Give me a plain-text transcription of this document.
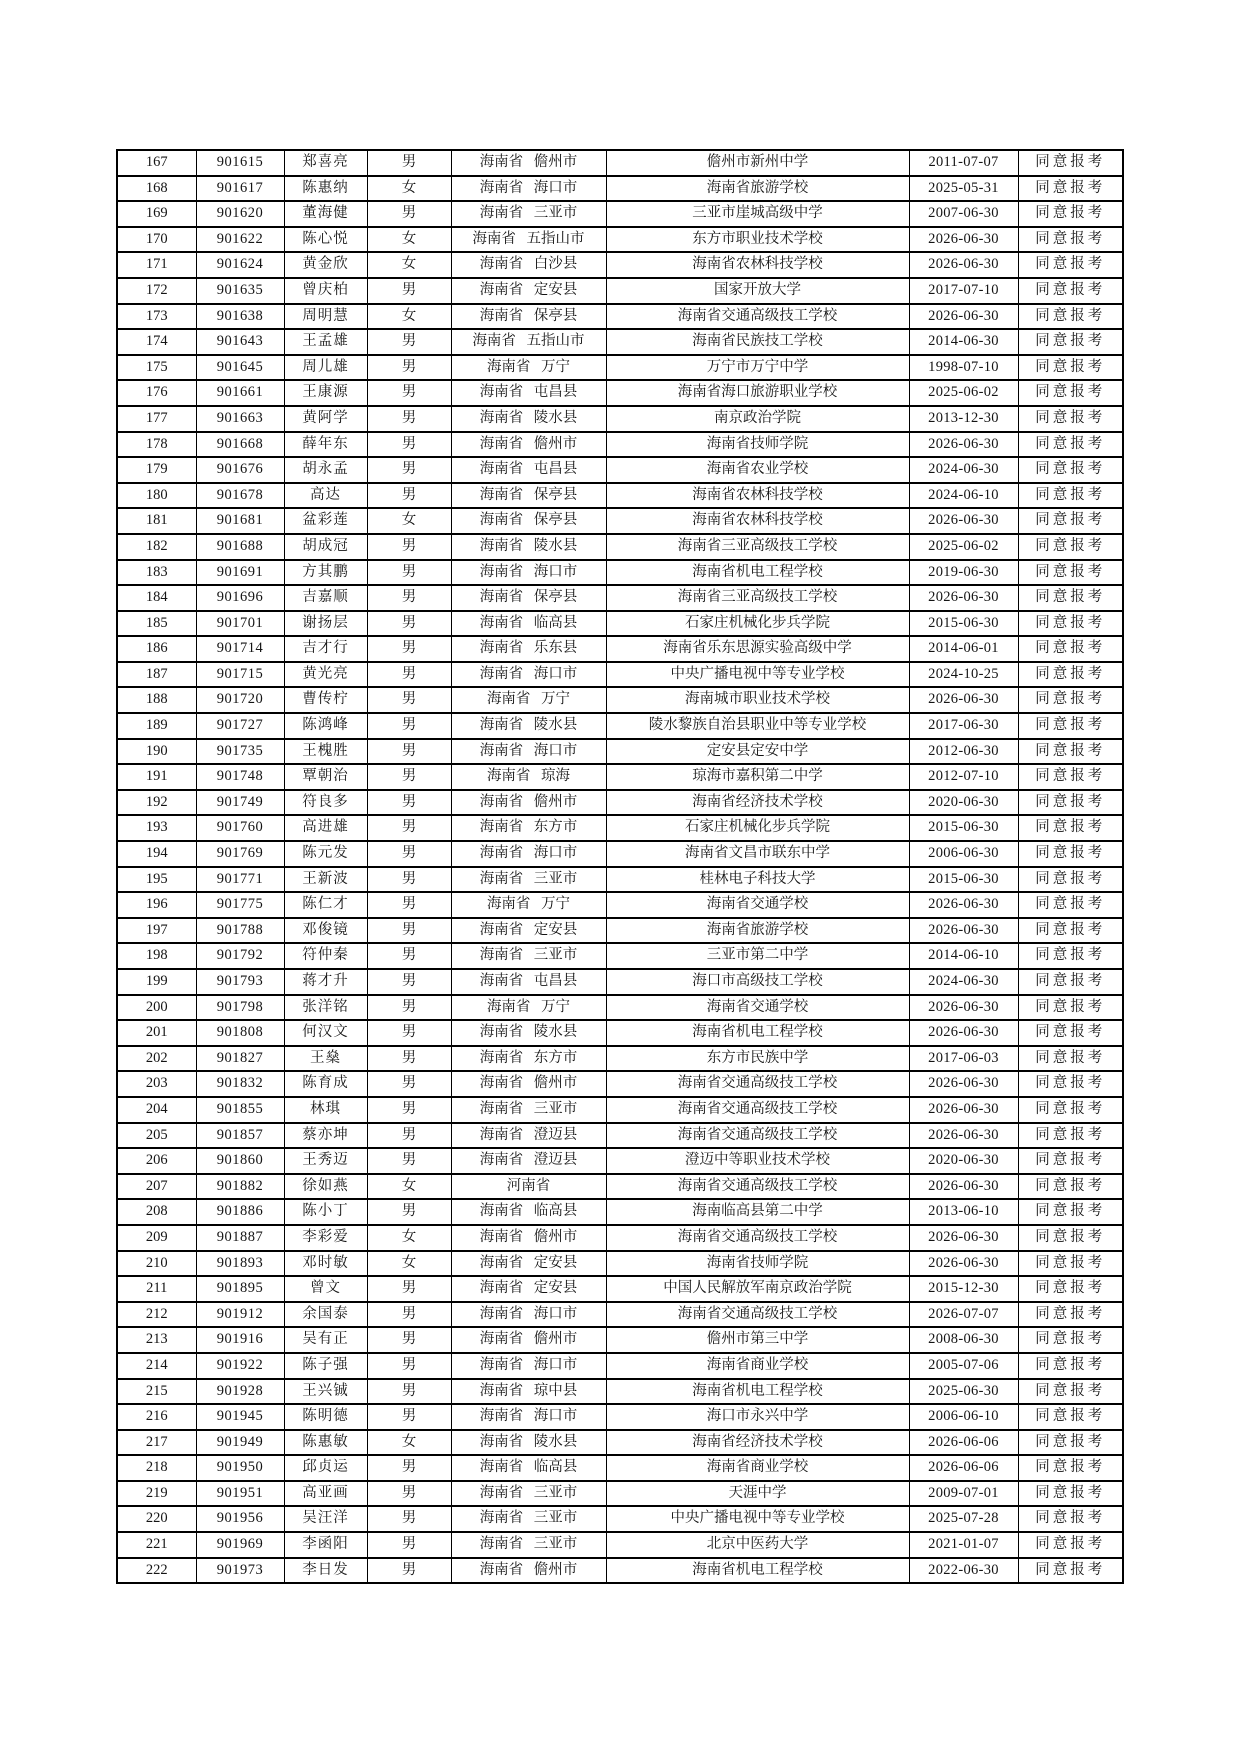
167	901615	郑喜亮	男	海南省 儋州市	儋州市新州中学	2011-07-07	同意报考
168	901617	陈惠纳	女	海南省 海口市	海南省旅游学校	2025-05-31	同意报考
169	901620	董海健	男	海南省 三亚市	三亚市崖城高级中学	2007-06-30	同意报考
170	901622	陈心悦	女	海南省 五指山市	东方市职业技术学校	2026-06-30	同意报考
171	901624	黄金欣	女	海南省 白沙县	海南省农林科技学校	2026-06-30	同意报考
172	901635	曾庆柏	男	海南省 定安县	国家开放大学	2017-07-10	同意报考
173	901638	周明慧	女	海南省 保亭县	海南省交通高级技工学校	2026-06-30	同意报考
174	901643	王孟雄	男	海南省 五指山市	海南省民族技工学校	2014-06-30	同意报考
175	901645	周儿雄	男	海南省 万宁	万宁市万宁中学	1998-07-10	同意报考
176	901661	王康源	男	海南省 屯昌县	海南省海口旅游职业学校	2025-06-02	同意报考
177	901663	黄阿学	男	海南省 陵水县	南京政治学院	2013-12-30	同意报考
178	901668	薛年东	男	海南省 儋州市	海南省技师学院	2026-06-30	同意报考
179	901676	胡永孟	男	海南省 屯昌县	海南省农业学校	2024-06-30	同意报考
180	901678	高达	男	海南省 保亭县	海南省农林科技学校	2024-06-10	同意报考
181	901681	盆彩莲	女	海南省 保亭县	海南省农林科技学校	2026-06-30	同意报考
182	901688	胡成冠	男	海南省 陵水县	海南省三亚高级技工学校	2025-06-02	同意报考
183	901691	方其鹏	男	海南省 海口市	海南省机电工程学校	2019-06-30	同意报考
184	901696	吉嘉顺	男	海南省 保亭县	海南省三亚高级技工学校	2026-06-30	同意报考
185	901701	谢扬层	男	海南省 临高县	石家庄机械化步兵学院	2015-06-30	同意报考
186	901714	吉才行	男	海南省 乐东县	海南省乐东思源实验高级中学	2014-06-01	同意报考
187	901715	黄光亮	男	海南省 海口市	中央广播电视中等专业学校	2024-10-25	同意报考
188	901720	曹传柠	男	海南省 万宁	海南城市职业技术学校	2026-06-30	同意报考
189	901727	陈鸿峰	男	海南省 陵水县	陵水黎族自治县职业中等专业学校	2017-06-30	同意报考
190	901735	王槐胜	男	海南省 海口市	定安县定安中学	2012-06-30	同意报考
191	901748	覃朝治	男	海南省 琼海	琼海市嘉积第二中学	2012-07-10	同意报考
192	901749	符良多	男	海南省 儋州市	海南省经济技术学校	2020-06-30	同意报考
193	901760	高进雄	男	海南省 东方市	石家庄机械化步兵学院	2015-06-30	同意报考
194	901769	陈元发	男	海南省 海口市	海南省文昌市联东中学	2006-06-30	同意报考
195	901771	王新波	男	海南省 三亚市	桂林电子科技大学	2015-06-30	同意报考
196	901775	陈仁才	男	海南省 万宁	海南省交通学校	2026-06-30	同意报考
197	901788	邓俊镜	男	海南省 定安县	海南省旅游学校	2026-06-30	同意报考
198	901792	符仲秦	男	海南省 三亚市	三亚市第二中学	2014-06-10	同意报考
199	901793	蒋才升	男	海南省 屯昌县	海口市高级技工学校	2024-06-30	同意报考
200	901798	张洋铭	男	海南省 万宁	海南省交通学校	2026-06-30	同意报考
201	901808	何汉文	男	海南省 陵水县	海南省机电工程学校	2026-06-30	同意报考
202	901827	王燊	男	海南省 东方市	东方市民族中学	2017-06-03	同意报考
203	901832	陈育成	男	海南省 儋州市	海南省交通高级技工学校	2026-06-30	同意报考
204	901855	林琪	男	海南省 三亚市	海南省交通高级技工学校	2026-06-30	同意报考
205	901857	蔡亦坤	男	海南省 澄迈县	海南省交通高级技工学校	2026-06-30	同意报考
206	901860	王秀迈	男	海南省 澄迈县	澄迈中等职业技术学校	2020-06-30	同意报考
207	901882	徐如燕	女	河南省	海南省交通高级技工学校	2026-06-30	同意报考
208	901886	陈小丁	男	海南省 临高县	海南临高县第二中学	2013-06-10	同意报考
209	901887	李彩爱	女	海南省 儋州市	海南省交通高级技工学校	2026-06-30	同意报考
210	901893	邓时敏	女	海南省 定安县	海南省技师学院	2026-06-30	同意报考
211	901895	曾文	男	海南省 定安县	中国人民解放军南京政治学院	2015-12-30	同意报考
212	901912	余国泰	男	海南省 海口市	海南省交通高级技工学校	2026-07-07	同意报考
213	901916	吴有正	男	海南省 儋州市	儋州市第三中学	2008-06-30	同意报考
214	901922	陈子强	男	海南省 海口市	海南省商业学校	2005-07-06	同意报考
215	901928	王兴铖	男	海南省 琼中县	海南省机电工程学校	2025-06-30	同意报考
216	901945	陈明德	男	海南省 海口市	海口市永兴中学	2006-06-10	同意报考
217	901949	陈惠敏	女	海南省 陵水县	海南省经济技术学校	2026-06-06	同意报考
218	901950	邱贞运	男	海南省 临高县	海南省商业学校	2026-06-06	同意报考
219	901951	高亚画	男	海南省 三亚市	天涯中学	2009-07-01	同意报考
220	901956	吴汪洋	男	海南省 三亚市	中央广播电视中等专业学校	2025-07-28	同意报考
221	901969	李函阳	男	海南省 三亚市	北京中医药大学	2021-01-07	同意报考
222	901973	李日发	男	海南省 儋州市	海南省机电工程学校	2022-06-30	同意报考
